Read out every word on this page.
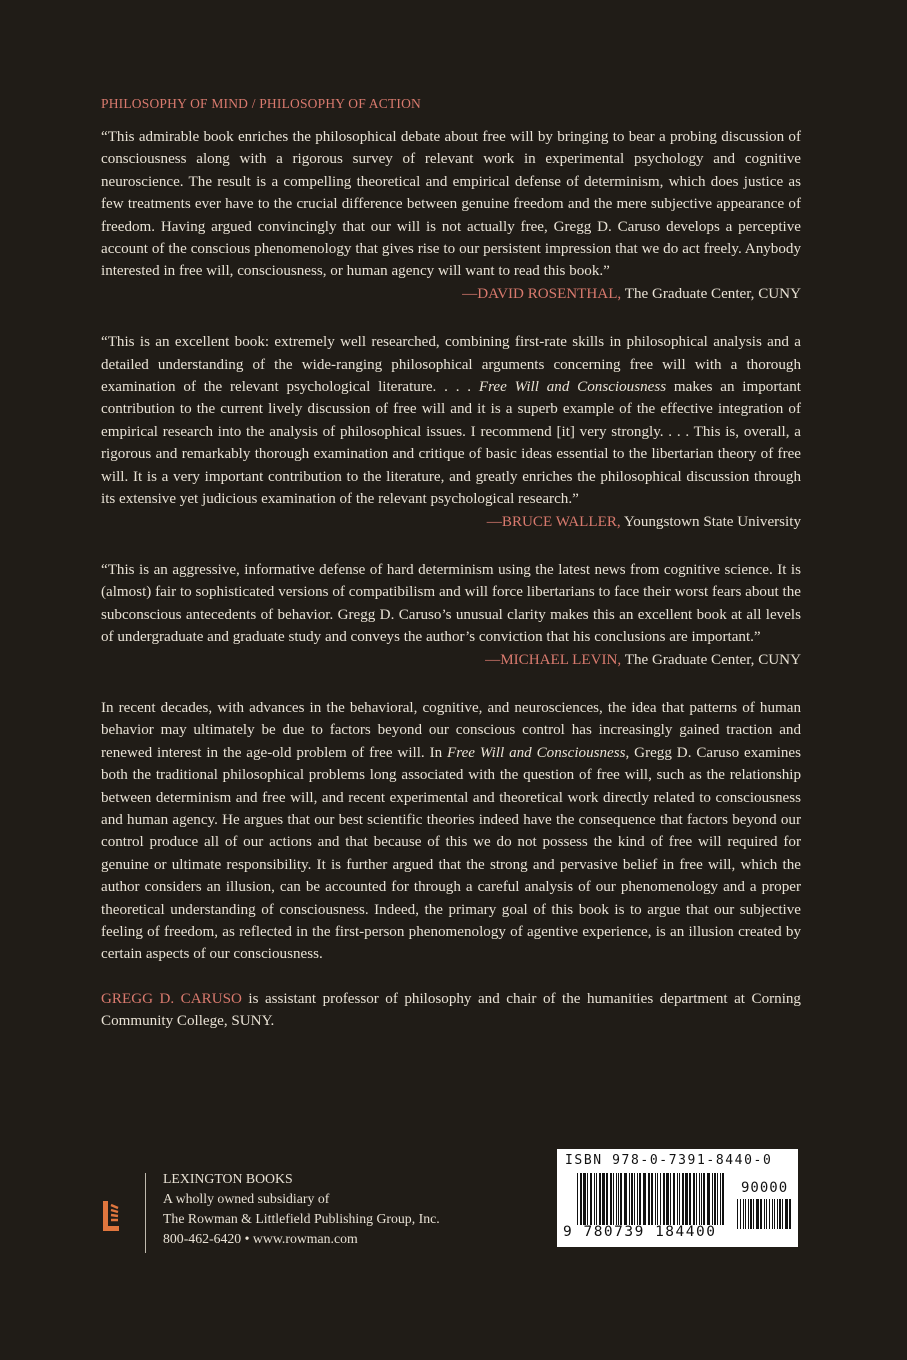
PHILOSOPHY OF MIND / PHILOSOPHY OF ACTION

“This admirable book enriches the philosophical debate about free will by bringing to bear a probing discussion of consciousness along with a rigorous survey of relevant work in experimental psychology and cognitive neuroscience. The result is a compelling theoretical and empirical defense of determinism, which does justice as few treatments ever have to the crucial difference between genuine freedom and the mere subjective appearance of freedom. Having argued convincingly that our will is not actually free, Gregg D. Caruso develops a perceptive account of the conscious phenomenology that gives rise to our persistent impression that we do act freely. Anybody interested in free will, consciousness, or human agency will want to read this book.”

—DAVID ROSENTHAL, The Graduate Center, CUNY

“This is an excellent book: extremely well researched, combining first-rate skills in philosophical analysis and a detailed understanding of the wide-ranging philosophical arguments concerning free will with a thorough examination of the relevant psychological literature. . . . Free Will and Consciousness makes an important contribution to the current lively discussion of free will and it is a superb example of the effective integration of empirical research into the analysis of philosophical issues. I recommend [it] very strongly. . . . This is, overall, a rigorous and remarkably thorough examination and critique of basic ideas essential to the libertarian theory of free will. It is a very important contribution to the literature, and greatly enriches the philosophical discussion through its extensive yet judicious examination of the relevant psychological research.”

—BRUCE WALLER, Youngstown State University

“This is an aggressive, informative defense of hard determinism using the latest news from cognitive science. It is (almost) fair to sophisticated versions of compatibilism and will force libertarians to face their worst fears about the subconscious antecedents of behavior. Gregg D. Caruso’s unusual clarity makes this an excellent book at all levels of undergraduate and graduate study and conveys the author’s conviction that his conclusions are important.”

—MICHAEL LEVIN, The Graduate Center, CUNY

In recent decades, with advances in the behavioral, cognitive, and neurosciences, the idea that patterns of human behavior may ultimately be due to factors beyond our conscious control has increasingly gained traction and renewed interest in the age-old problem of free will. In Free Will and Consciousness, Gregg D. Caruso examines both the traditional philosophical problems long associated with the question of free will, such as the relationship between determinism and free will, and recent experimental and theoretical work directly related to consciousness and human agency. He argues that our best scientific theories indeed have the consequence that factors beyond our control produce all of our actions and that because of this we do not possess the kind of free will required for genuine or ultimate responsibility. It is further argued that the strong and pervasive belief in free will, which the author considers an illusion, can be accounted for through a careful analysis of our phenomenology and a proper theoretical understanding of consciousness. Indeed, the primary goal of this book is to argue that our subjective feeling of freedom, as reflected in the first-person phenomenology of agentive experience, is an illusion created by certain aspects of our consciousness.

GREGG D. CARUSO is assistant professor of philosophy and chair of the humanities department at Corning Community College, SUNY.

LEXINGTON BOOKS
A wholly owned subsidiary of
The Rowman & Littlefield Publishing Group, Inc.
800-462-6420 • www.rowman.com
ISBN 978-0-7391-8440-0
90000
9 780739 184400
